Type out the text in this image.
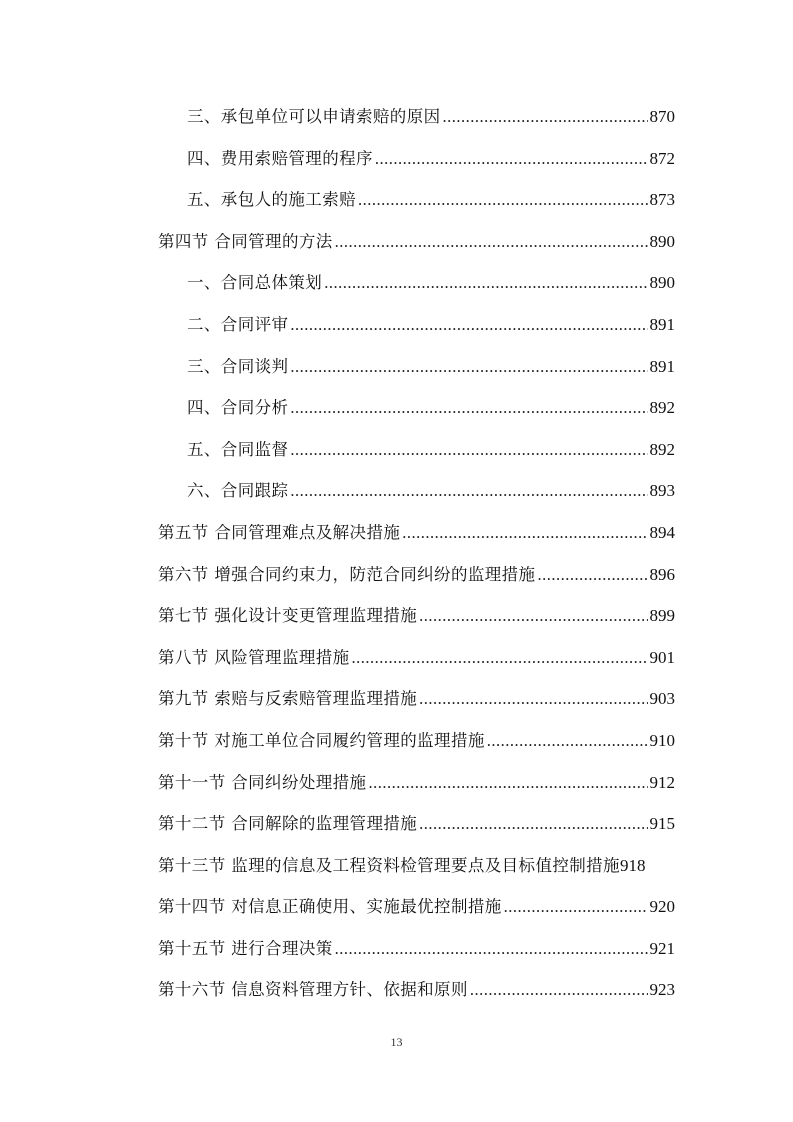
三、承包单位可以申请索赔的原因 .....	870
四、费用索赔管理的程序 .....	872
五、承包人的施工索赔 .....	873
第四节 合同管理的方法 .....	890
一、合同总体策划 .....	890
二、合同评审 .....	891
三、合同谈判 .....	891
四、合同分析 .....	892
五、合同监督 .....	892
六、合同跟踪 .....	893
第五节 合同管理难点及解决措施 .....	894
第六节 增强合同约束力，防范合同纠纷的监理措施 .....	896
第七节 强化设计变更管理监理措施 .....	899
第八节 风险管理监理措施 .....	901
第九节 索赔与反索赔管理监理措施 .....	903
第十节 对施工单位合同履约管理的监理措施 .....	910
第十一节 合同纠纷处理措施 .....	912
第十二节 合同解除的监理管理措施 .....	915
第十三节 监理的信息及工程资料检管理要点及目标值控制措施 918
第十四节 对信息正确使用、实施最优控制措施 .....	920
第十五节 进行合理决策 .....	921
第十六节 信息资料管理方针、依据和原则 .....	923
13
